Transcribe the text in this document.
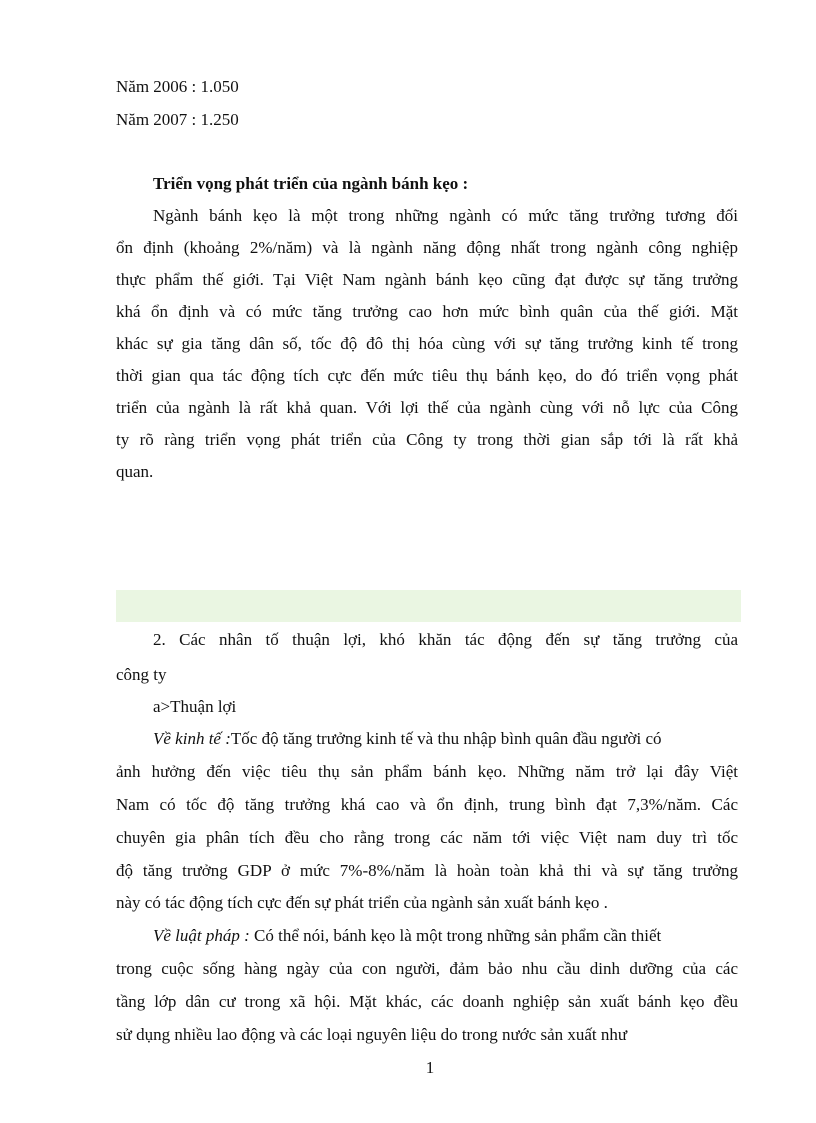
Năm 2006 : 1.050
Năm 2007 : 1.250
Triển vọng phát triển của ngành bánh kẹo :
Ngành bánh kẹo là một trong những ngành có mức tăng trưởng tương đối
ổn định (khoảng 2%/năm) và là ngành năng động nhất trong ngành công nghiệp
thực phẩm thế giới. Tại Việt Nam ngành bánh kẹo cũng đạt được sự tăng trưởng
khá ổn định và có mức tăng trưởng cao hơn mức bình quân của thế giới. Mặt
khác sự gia tăng dân số, tốc độ đô thị hóa cùng với sự tăng trưởng kinh tế trong
thời gian qua tác động tích cực đến mức tiêu thụ bánh kẹo, do đó triển vọng phát
triển của ngành là rất khả quan. Với lợi thế của ngành cùng với nỗ lực của Công
ty rõ ràng triển vọng phát triển của Công ty trong thời gian sắp tới là rất khả
quan.
2. Các nhân tố thuận lợi, khó khăn tác động đến sự tăng trưởng của
công ty
a>Thuận lợi
Về kinh tế :Tốc độ tăng trưởng kinh tế và thu nhập bình quân đầu người có
ảnh hưởng đến việc tiêu thụ sản phẩm bánh kẹo. Những năm trở lại đây Việt
Nam có tốc độ tăng trưởng khá cao và ổn định, trung bình đạt 7,3%/năm. Các
chuyên gia phân tích đều cho rằng trong các năm tới việc Việt nam duy trì tốc
độ tăng trưởng GDP ở mức 7%-8%/năm là hoàn toàn khả thi và sự tăng trưởng
này có tác động tích cực đến sự phát triển của ngành sản xuất bánh kẹo .
Về luật pháp : Có thể nói, bánh kẹo là một trong những sản phẩm cần thiết
trong cuộc sống hàng ngày của con người, đảm bảo nhu cầu dinh dưỡng của các
tầng lớp dân cư trong xã hội. Mặt khác, các doanh nghiệp sản xuất bánh kẹo đều
sử dụng nhiều lao động và các loại nguyên liệu do trong nước sản xuất như
1
